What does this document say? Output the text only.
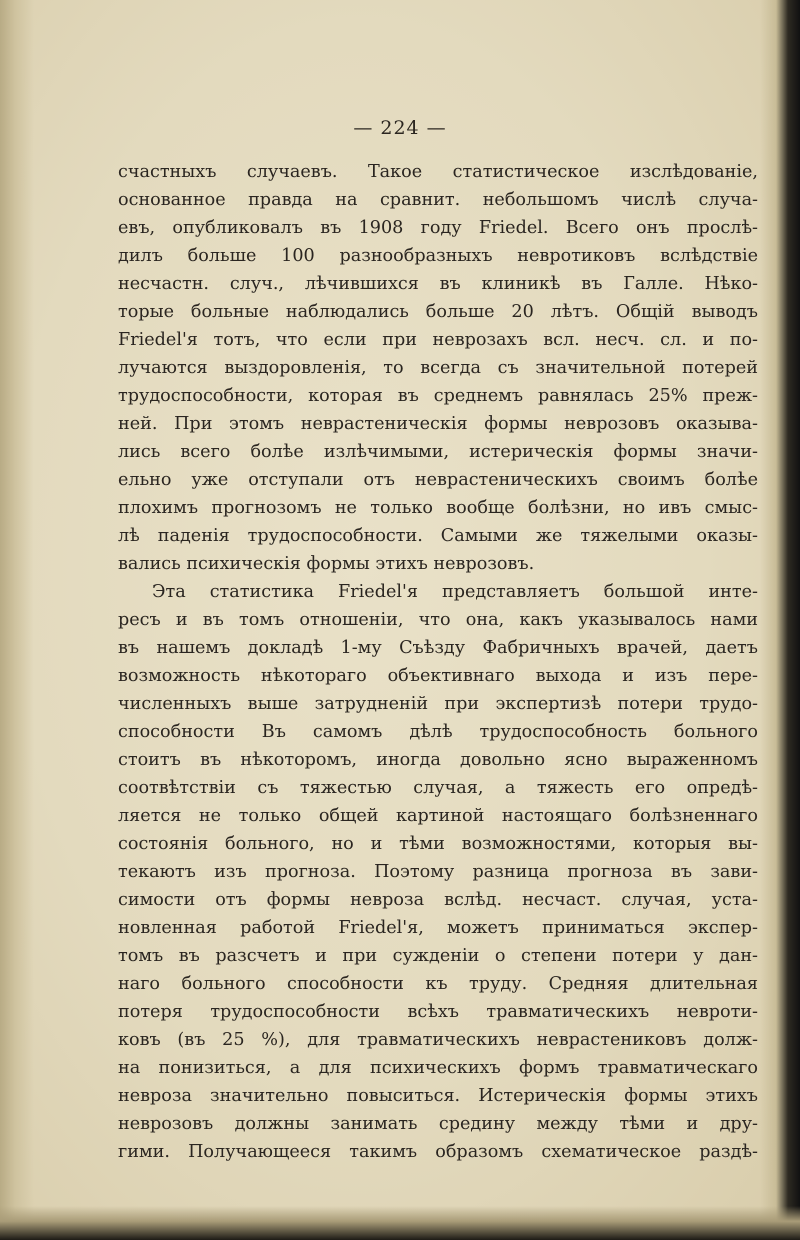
— 224 —
счастныхъ случаевъ. Такое статистическое изслѣдованіе,
основанное правда на сравнит. небольшомъ числѣ случа-
евъ, опубликовалъ въ 1908 году Friedel. Всего онъ прослѣ-
дилъ больше 100 разнообразныхъ невротиковъ вслѣдствіе
несчастн. случ., лѣчившихся въ клиникѣ въ Галле. Нѣко-
торые больные наблюдались больше 20 лѣтъ. Общій выводъ
Friedel'я тотъ, что если при неврозахъ всл. несч. сл. и по-
лучаются выздоровленія, то всегда съ значительной потерей
трудоспособности, которая въ среднемъ равнялась 25% преж-
ней. При этомъ неврастеническія формы неврозовъ оказыва-
лись всего болѣе излѣчимыми, истерическія формы значи-
ельно уже отступали отъ неврастеническихъ своимъ болѣе
плохимъ прогнозомъ не только вообще болѣзни, но ивъ смыс-
лѣ паденія трудоспособности. Самыми же тяжелыми оказы-
вались психическія формы этихъ неврозовъ.
Эта статистика Friedel'я представляетъ большой инте-
ресъ и въ томъ отношеніи, что она, какъ указывалось нами
въ нашемъ докладѣ 1-му Съѣзду Фабричныхъ врачей, даетъ
возможность нѣкотораго объективнаго выхода и изъ пере-
численныхъ выше затрудненій при экспертизѣ потери трудо-
способности Въ самомъ дѣлѣ трудоспособность больного
стоитъ въ нѣкоторомъ, иногда довольно ясно выраженномъ
соотвѣтствіи съ тяжестью случая, а тяжесть его опредѣ-
ляется не только общей картиной настоящаго болѣзненнаго
состоянія больного, но и тѣми возможностями, которыя вы-
текаютъ изъ прогноза. Поэтому разница прогноза въ зави-
симости отъ формы невроза вслѣд. несчаст. случая, уста-
новленная работой Friedel'я, можетъ приниматься экспер-
томъ въ разсчетъ и при сужденіи о степени потери у дан-
наго больного способности къ труду. Средняя длительная
потеря трудоспособности всѣхъ травматическихъ невроти-
ковъ (въ 25 %), для травматическихъ неврастениковъ долж-
на понизиться, а для психическихъ формъ травматическаго
невроза значительно повыситься. Истерическія формы этихъ
неврозовъ должны занимать средину между тѣми и дру-
гими. Получающееся такимъ образомъ схематическое раздѣ-
